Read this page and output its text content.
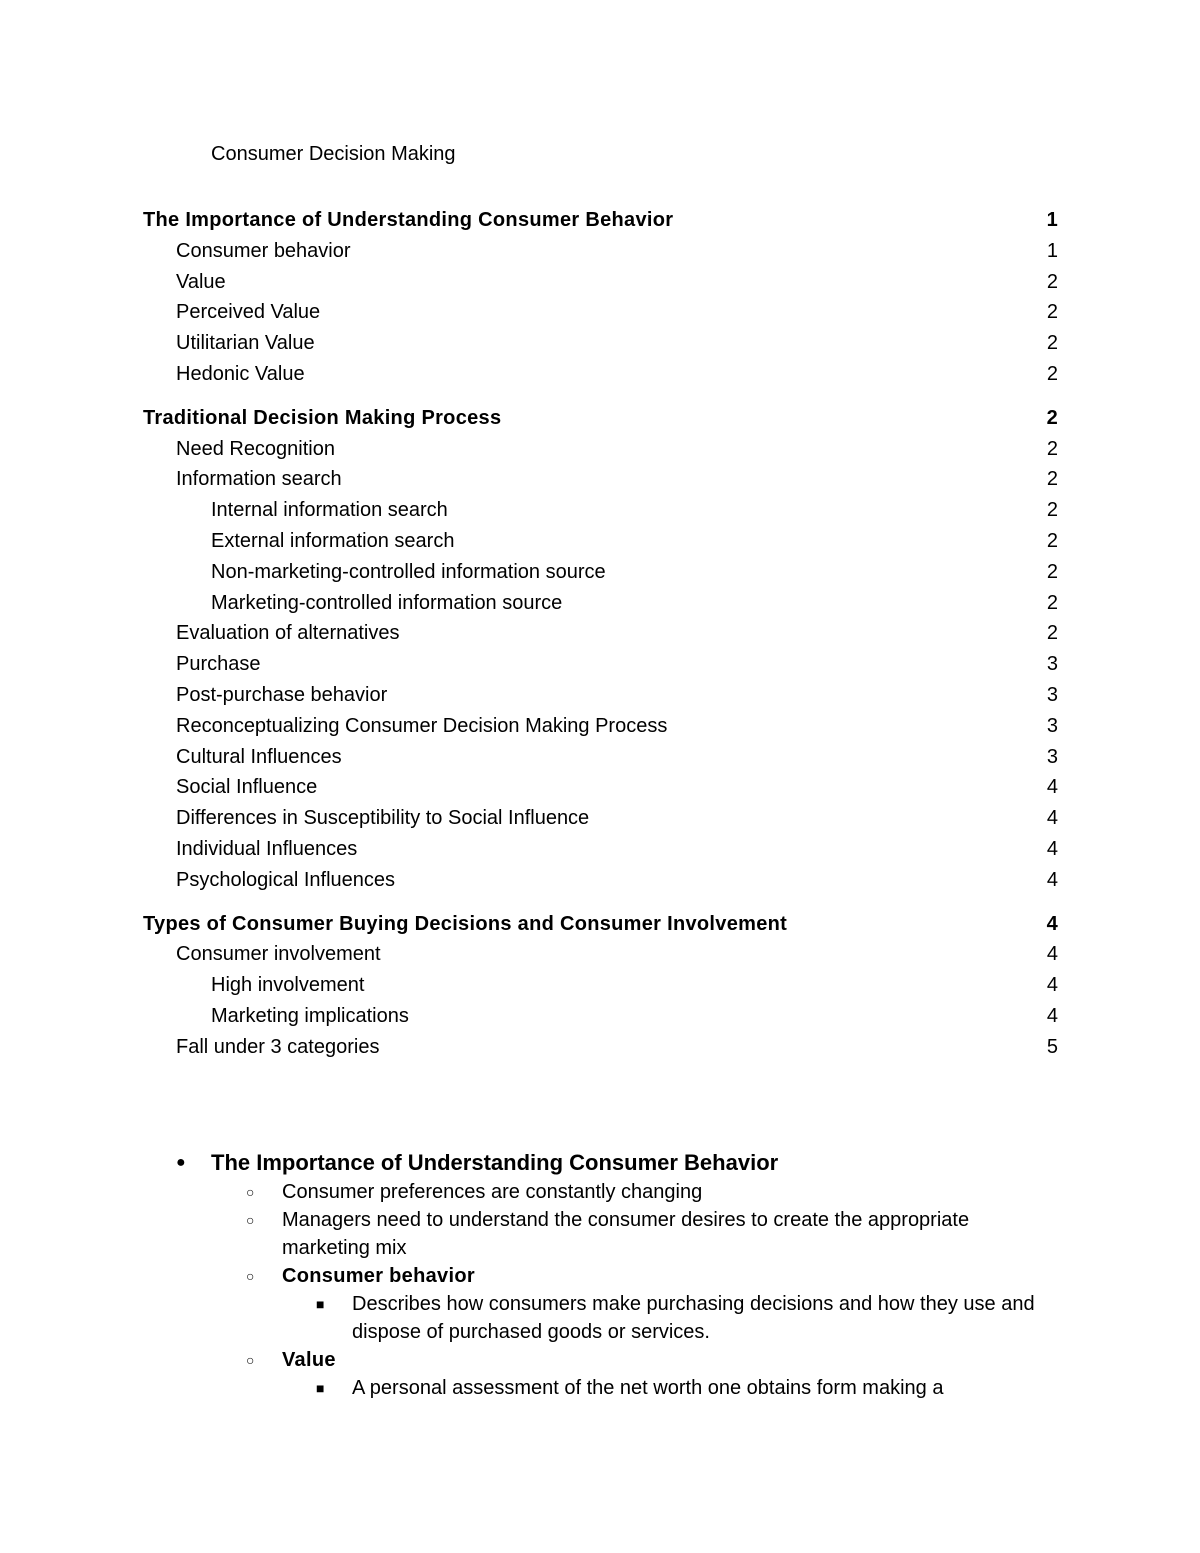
Consumer Decision Making
The Importance of Understanding Consumer Behavior	1
Consumer behavior	1
Value	2
Perceived Value	2
Utilitarian Value	2
Hedonic Value	2
Traditional Decision Making Process	2
Need Recognition	2
Information search	2
Internal information search	2
External information search	2
Non-marketing-controlled information source	2
Marketing-controlled information source	2
Evaluation of alternatives	2
Purchase	3
Post-purchase behavior	3
Reconceptualizing Consumer Decision Making Process	3
Cultural Influences	3
Social Influence	4
Differences in Susceptibility to Social Influence	4
Individual Influences	4
Psychological Influences	4
Types of Consumer Buying Decisions and Consumer Involvement	4
Consumer involvement	4
High involvement	4
Marketing implications	4
Fall under 3 categories	5
● The Importance of Understanding Consumer Behavior
○ Consumer preferences are constantly changing
○ Managers need to understand the consumer desires to create the appropriate marketing mix
○ Consumer behavior
■ Describes how consumers make purchasing decisions and how they use and dispose of purchased goods or services.
○ Value
■ A personal assessment of the net worth one obtains form making a
